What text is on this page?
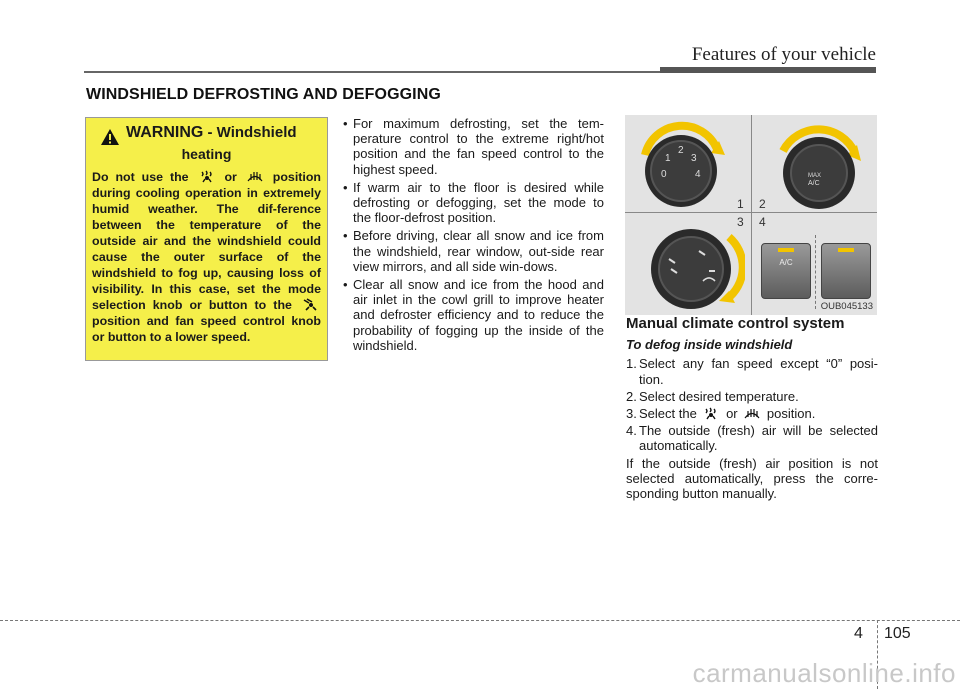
Features of your vehicle
WINDSHIELD DEFROSTING AND DEFOGGING
WARNING - Windshield
heating
Do not use the	or	position during cooling operation in extremely humid weather. The dif-ference between the temperature of the outside air and the windshield could cause the outer surface of the windshield to fog up, causing loss of visibility. In this case, set the mode selection knob or button to the  position and fan speed control knob or button to a lower speed.
• For maximum defrosting, set the tem-perature control to the extreme right/hot position and the fan speed control to the highest speed.
• If warm air to the floor is desired while defrosting or defogging, set the mode to the floor-defrost position.
• Before driving, clear all snow and ice from the windshield, rear window, out-side rear view mirrors, and all side win-dows.
• Clear all snow and ice from the hood and air inlet in the cowl grill to improve heater and defroster efficiency and to reduce the probability of fogging up the inside of the windshield.
0
1
2
3
4	MAX
A/C
A/C
1 2
3 4
OUB045133
Manual climate control system
To defog inside windshield
1. Select any fan speed except “0” posi-tion.
2. Select desired temperature.
3. Select the or position.
4. The outside (fresh) air will be selected automatically.

If the outside (fresh) air position is not selected automatically, press the corre-sponding button manually.

4 105
carmanualsonline.info
